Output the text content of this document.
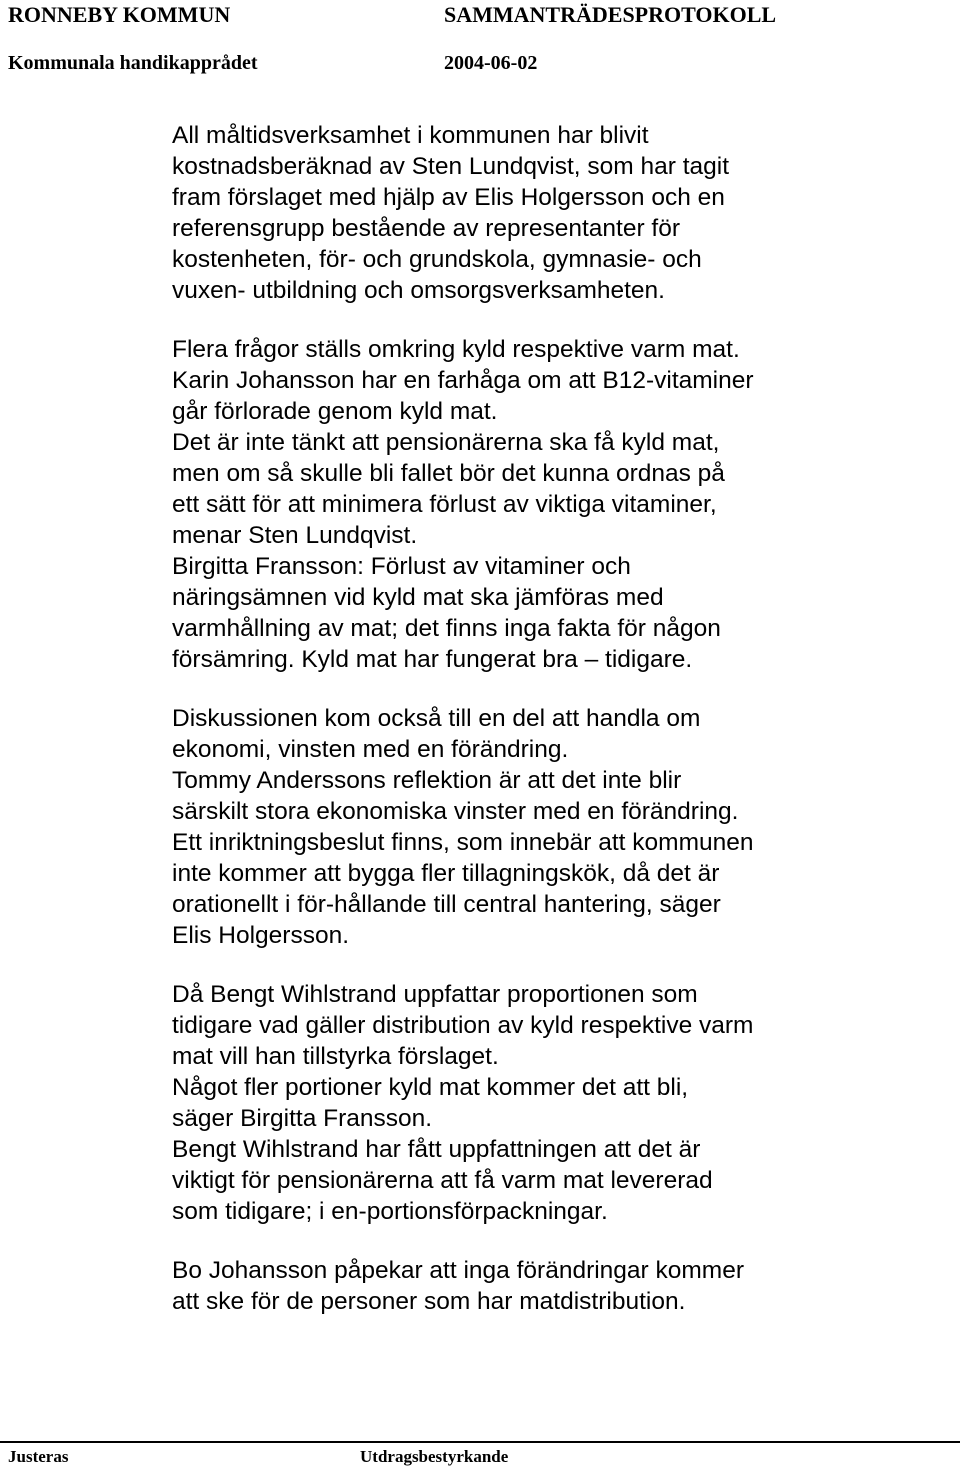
RONNEBY KOMMUN	SAMMANTRÄDESPROTOKOLL
Kommunala handikapprådet	2004-06-02
All måltidsverksamhet i kommunen har blivit
kostnadsberäknad av Sten Lundqvist, som har tagit
fram förslaget med hjälp av Elis Holgersson och en
referensgrupp bestående av representanter för
kostenheten, för- och grundskola, gymnasie- och
vuxen- utbildning och omsorgsverksamheten.
Flera frågor ställs omkring kyld respektive varm mat.
Karin Johansson har en farhåga om att B12-vitaminer
går förlorade genom kyld mat.
Det är inte tänkt att pensionärerna ska få kyld mat,
men om så skulle bli fallet bör det kunna ordnas på
ett sätt för att minimera förlust av viktiga vitaminer,
menar Sten Lundqvist.
Birgitta Fransson: Förlust av vitaminer och
näringsämnen vid kyld mat ska jämföras med
varmhållning av mat; det finns inga fakta för någon
försämring. Kyld mat har fungerat bra – tidigare.
Diskussionen kom också till en del att handla om
ekonomi, vinsten med en förändring.
Tommy Anderssons reflektion är att det inte blir
särskilt stora ekonomiska vinster med en förändring.
Ett inriktningsbeslut finns, som innebär att kommunen
inte kommer att bygga fler tillagningskök, då det är
orationellt i för-hållande till central hantering, säger
Elis Holgersson.
Då Bengt Wihlstrand uppfattar proportionen som
tidigare vad gäller distribution av kyld respektive varm
mat vill han tillstyrka förslaget.
Något fler portioner kyld mat kommer det att bli,
säger Birgitta Fransson.
Bengt Wihlstrand har fått uppfattningen att det är
viktigt för pensionärerna att få varm mat levererad
som tidigare; i en-portionsförpackningar.
Bo Johansson påpekar att inga förändringar kommer
att ske för de personer som har matdistribution.
Justeras	Utdragsbestyrkande
